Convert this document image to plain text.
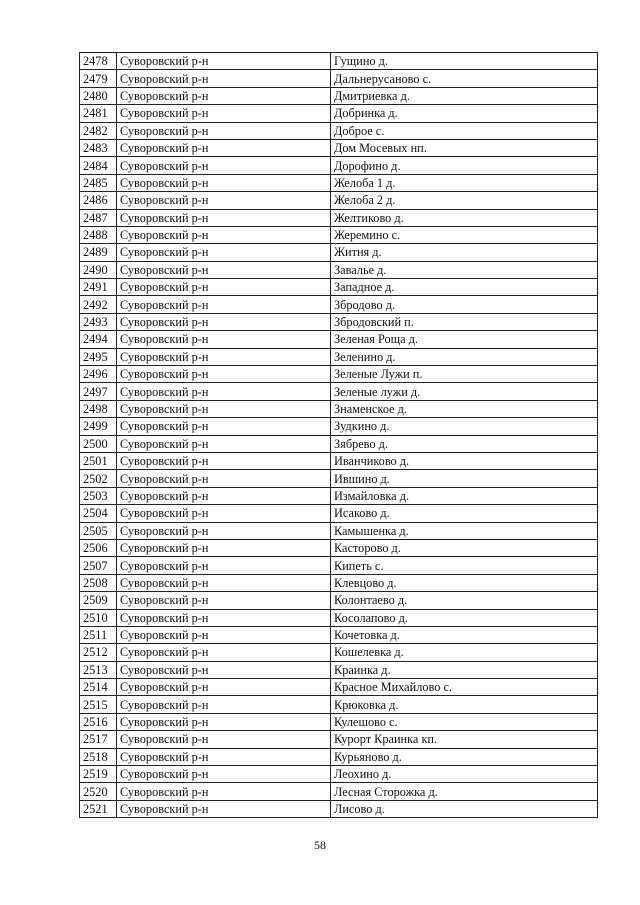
2478	Суворовский р-н	Гущино д.
2479	Суворовский р-н	Дальнерусаново с.
2480	Суворовский р-н	Дмитриевка д.
2481	Суворовский р-н	Добринка д.
2482	Суворовский р-н	Доброе с.
2483	Суворовский р-н	Дом Мосевых нп.
2484	Суворовский р-н	Дорофино д.
2485	Суворовский р-н	Желоба 1 д.
2486	Суворовский р-н	Желоба 2 д.
2487	Суворовский р-н	Желтиково д.
2488	Суворовский р-н	Жеремино с.
2489	Суворовский р-н	Житня д.
2490	Суворовский р-н	Завалье д.
2491	Суворовский р-н	Западное д.
2492	Суворовский р-н	Збродово д.
2493	Суворовский р-н	Збродовский п.
2494	Суворовский р-н	Зеленая Роща д.
2495	Суворовский р-н	Зеленино д.
2496	Суворовский р-н	Зеленые Лужи п.
2497	Суворовский р-н	Зеленые лужи д.
2498	Суворовский р-н	Знаменское д.
2499	Суворовский р-н	Зудкино д.
2500	Суворовский р-н	Зябрево д.
2501	Суворовский р-н	Иванчиково д.
2502	Суворовский р-н	Ившино д.
2503	Суворовский р-н	Измайловка д.
2504	Суворовский р-н	Исаково д.
2505	Суворовский р-н	Камышенка д.
2506	Суворовский р-н	Касторово д.
2507	Суворовский р-н	Кипеть с.
2508	Суворовский р-н	Клевцово д.
2509	Суворовский р-н	Колонтаево д.
2510	Суворовский р-н	Косолапово д.
2511	Суворовский р-н	Кочетовка д.
2512	Суворовский р-н	Кошелевка д.
2513	Суворовский р-н	Краинка д.
2514	Суворовский р-н	Красное Михайлово с.
2515	Суворовский р-н	Крюковка д.
2516	Суворовский р-н	Кулешово с.
2517	Суворовский р-н	Курорт Краинка кп.
2518	Суворовский р-н	Курьяново д.
2519	Суворовский р-н	Леохино д.
2520	Суворовский р-н	Лесная Сторожка д.
2521	Суворовский р-н	Лисово д.
58
